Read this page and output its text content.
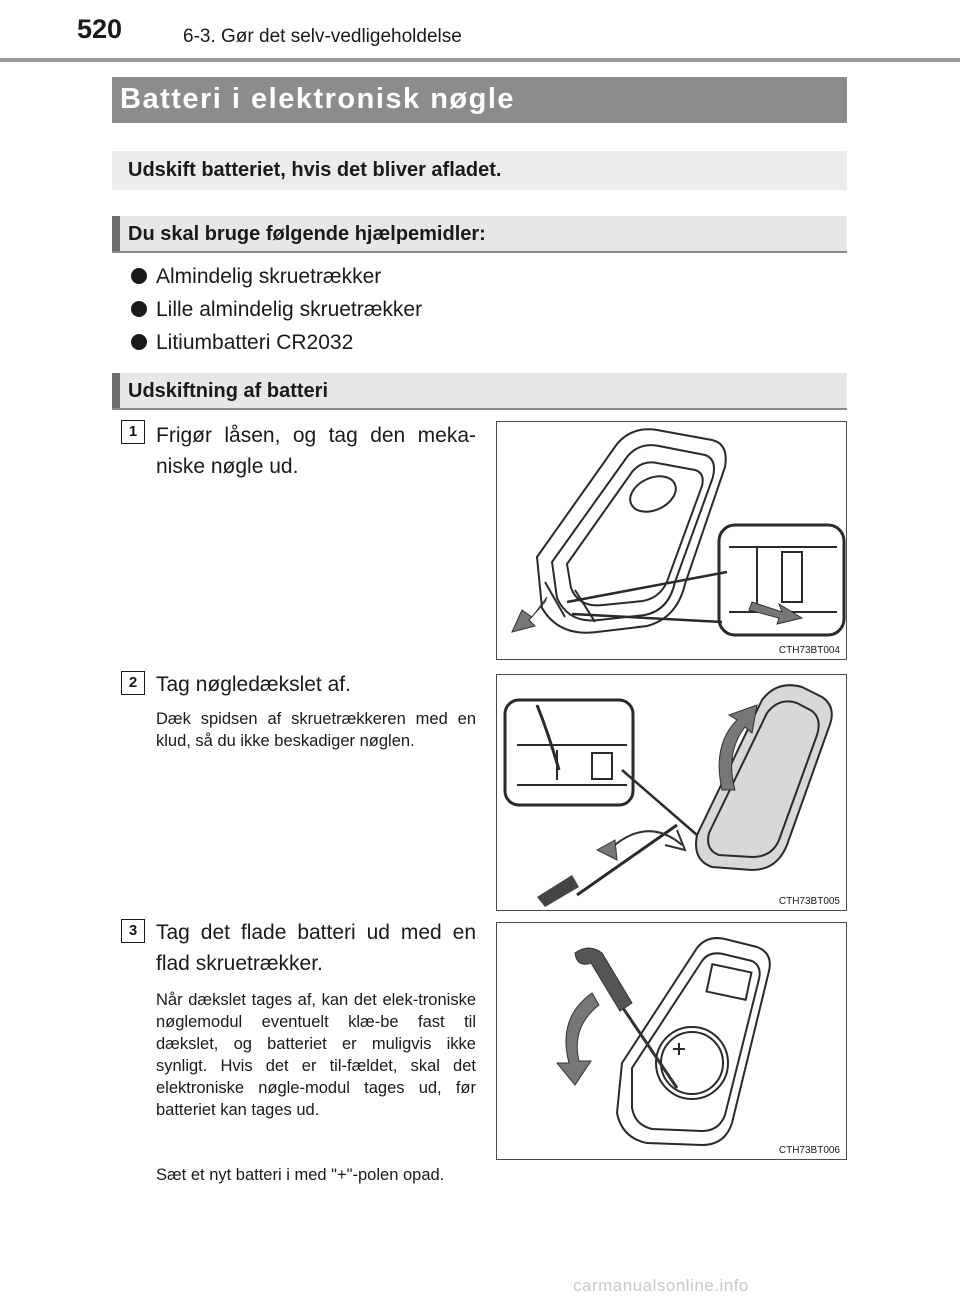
520	6-3. Gør det selv-vedligeholdelse
Batteri i elektronisk nøgle
Udskift batteriet, hvis det bliver afladet.
Du skal bruge følgende hjælpemidler:
Almindelig skruetrækker
Lille almindelig skruetrækker
Litiumbatteri CR2032
Udskiftning af batteri
1 Frigør låsen, og tag den meka-niske nøgle ud.
CTH73BT004
2 Tag nøgledækslet af.
Dæk spidsen af skruetrækkeren med en klud, så du ikke beskadiger nøglen.
CTH73BT005
3 Tag det flade batteri ud med en flad skruetrækker.
Når dækslet tages af, kan det elek-troniske nøglemodul eventuelt klæ-be fast til dækslet, og batteriet er muligvis ikke synligt. Hvis det er til-fældet, skal det elektroniske nøgle-modul tages ud, før batteriet kan tages ud.
CTH73BT006
Sæt et nyt batteri i med "+"-polen opad.
carmanualsonline.info
